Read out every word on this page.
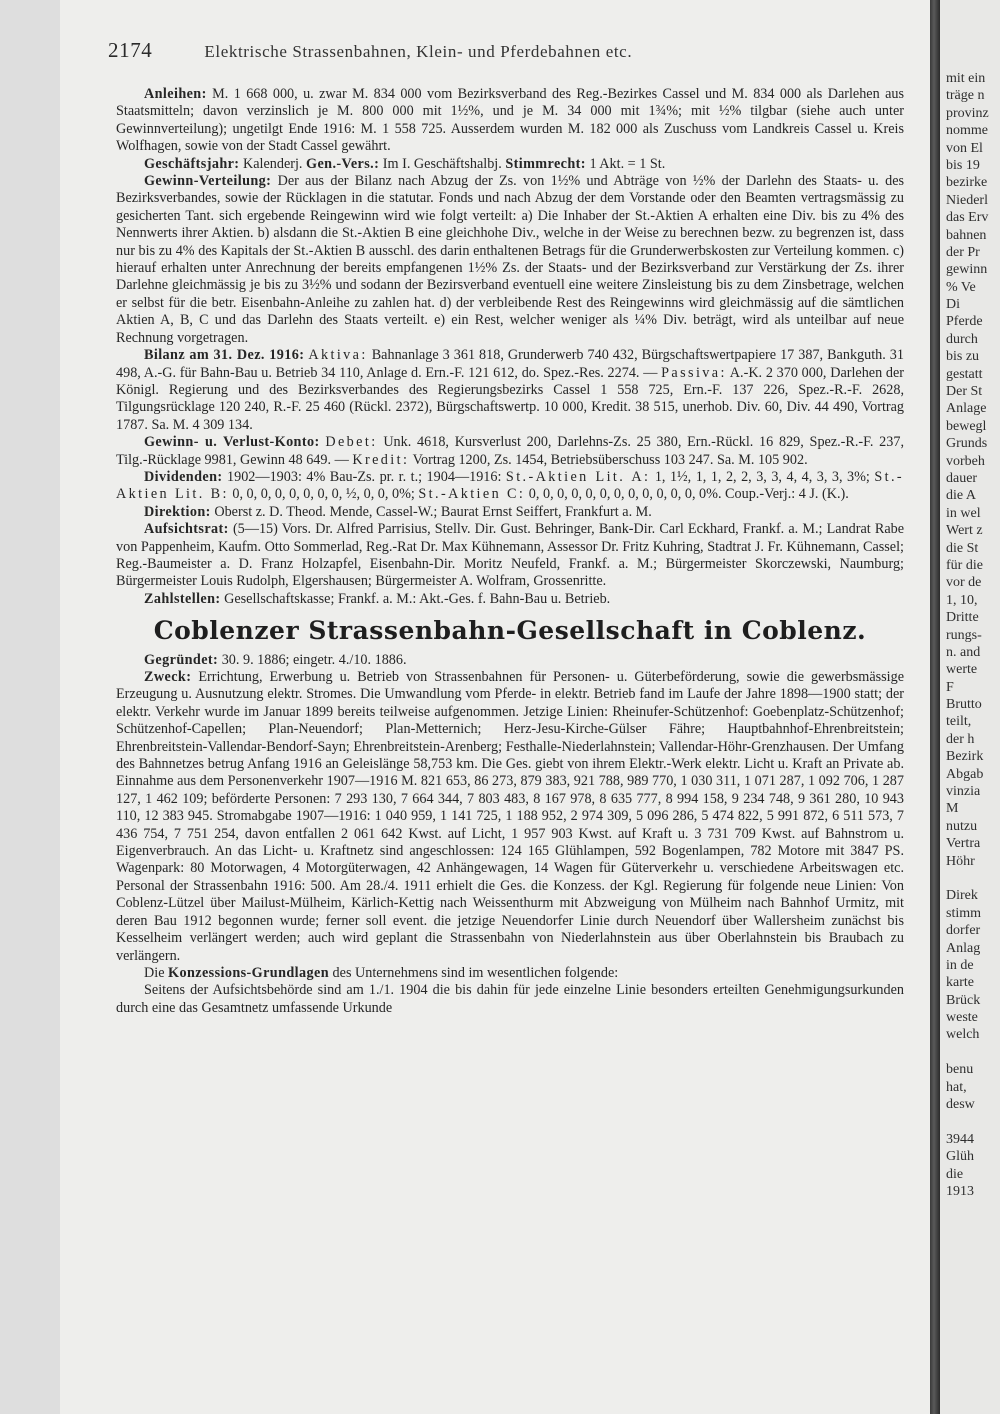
mit ein
träge n
provinz
nomme
von El
bis 19
bezirke
Niederl
das Erv
bahnen
der Pr
gewinn
% Ve
Di
Pferde
durch
bis zu
gestatt
Der St
Anlage
bewegl
Grunds
vorbeh
dauer
die A
in wel
Wert z
die St
für die
vor de
1, 10,
Dritte
rungs-
n. and
werte
F
Brutto
teilt,
der h
Bezirk
Abgab
vinzia
M
nutzu
Vertra
Höhr
Direk
stimm
dorfer
Anlag
in de
karte
Brück
weste
welch
benu
hat,
desw
3944
Glüh
die
1913
2174	Elektrische Strassenbahnen, Klein- und Pferdebahnen etc.

Anleihen: M. 1 668 000, u. zwar M. 834 000 vom Bezirksverband des Reg.-Bezirkes Cassel und M. 834 000 als Darlehen aus Staatsmitteln; davon verzinslich je M. 800 000 mit 1½%, und je M. 34 000 mit 1¾%; mit ½% tilgbar (siehe auch unter Gewinnverteilung); ungetilgt Ende 1916: M. 1 558 725. Ausserdem wurden M. 182 000 als Zuschuss vom Landkreis Cassel u. Kreis Wolfhagen, sowie von der Stadt Cassel gewährt.

Geschäftsjahr: Kalenderj. Gen.-Vers.: Im I. Geschäftshalbj. Stimmrecht: 1 Akt. = 1 St.

Gewinn-Verteilung: Der aus der Bilanz nach Abzug der Zs. von 1½% und Abträge von ½% der Darlehn des Staats- u. des Bezirksverbandes, sowie der Rücklagen in die statutar. Fonds und nach Abzug der dem Vorstande oder den Beamten vertragsmässig zu gesicherten Tant. sich ergebende Reingewinn wird wie folgt verteilt: a) Die Inhaber der St.-Aktien A erhalten eine Div. bis zu 4% des Nennwerts ihrer Aktien. b) alsdann die St.-Aktien B eine gleichhohe Div., welche in der Weise zu berechnen bezw. zu begrenzen ist, dass nur bis zu 4% des Kapitals der St.-Aktien B ausschl. des darin enthaltenen Betrags für die Grunderwerbskosten zur Verteilung kommen. c) hierauf erhalten unter Anrechnung der bereits empfangenen 1½% Zs. der Staats- und der Bezirksverband zur Verstärkung der Zs. ihrer Darlehne gleichmässig je bis zu 3½% und sodann der Bezirsverband eventuell eine weitere Zinsleistung bis zu dem Zinsbetrage, welchen er selbst für die betr. Eisenbahn-Anleihe zu zahlen hat. d) der verbleibende Rest des Reingewinns wird gleichmässig auf die sämtlichen Aktien A, B, C und das Darlehn des Staats verteilt. e) ein Rest, welcher weniger als ¼% Div. beträgt, wird als unteilbar auf neue Rechnung vorgetragen.

Bilanz am 31. Dez. 1916: Aktiva: Bahnanlage 3 361 818, Grunderwerb 740 432, Bürgschaftswertpapiere 17 387, Bankguth. 31 498, A.-G. für Bahn-Bau u. Betrieb 34 110, Anlage d. Ern.-F. 121 612, do. Spez.-Res. 2274. — Passiva: A.-K. 2 370 000, Darlehen der Königl. Regierung und des Bezirksverbandes des Regierungsbezirks Cassel 1 558 725, Ern.-F. 137 226, Spez.-R.-F. 2628, Tilgungsrücklage 120 240, R.-F. 25 460 (Rückl. 2372), Bürgschaftswertp. 10 000, Kredit. 38 515, unerhob. Div. 60, Div. 44 490, Vortrag 1787. Sa. M. 4 309 134.

Gewinn- u. Verlust-Konto: Debet: Unk. 4618, Kursverlust 200, Darlehns-Zs. 25 380, Ern.-Rückl. 16 829, Spez.-R.-F. 237, Tilg.-Rücklage 9981, Gewinn 48 649. — Kredit: Vortrag 1200, Zs. 1454, Betriebsüberschuss 103 247. Sa. M. 105 902.

Dividenden: 1902—1903: 4% Bau-Zs. pr. r. t.; 1904—1916: St.-Aktien Lit. A: 1, 1½, 1, 1, 2, 2, 3, 3, 4, 4, 3, 3, 3%; St.-Aktien Lit. B: 0, 0, 0, 0, 0, 0, 0, 0, ½, 0, 0, 0%; St.-Aktien C: 0, 0, 0, 0, 0, 0, 0, 0, 0, 0, 0, 0, 0%. Coup.-Verj.: 4 J. (K.).

Direktion: Oberst z. D. Theod. Mende, Cassel-W.; Baurat Ernst Seiffert, Frankfurt a. M.

Aufsichtsrat: (5—15) Vors. Dr. Alfred Parrisius, Stellv. Dir. Gust. Behringer, Bank-Dir. Carl Eckhard, Frankf. a. M.; Landrat Rabe von Pappenheim, Kaufm. Otto Sommerlad, Reg.-Rat Dr. Max Kühnemann, Assessor Dr. Fritz Kuhring, Stadtrat J. Fr. Kühnemann, Cassel; Reg.-Baumeister a. D. Franz Holzapfel, Eisenbahn-Dir. Moritz Neufeld, Frankf. a. M.; Bürgermeister Skorczewski, Naumburg; Bürgermeister Louis Rudolph, Elgershausen; Bürgermeister A. Wolfram, Grossenritte.

Zahlstellen: Gesellschaftskasse; Frankf. a. M.: Akt.-Ges. f. Bahn-Bau u. Betrieb.

Coblenzer Strassenbahn-Gesellschaft in Coblenz.

Gegründet: 30. 9. 1886; eingetr. 4./10. 1886.

Zweck: Errichtung, Erwerbung u. Betrieb von Strassenbahnen für Personen- u. Güterbeförderung, sowie die gewerbsmässige Erzeugung u. Ausnutzung elektr. Stromes. Die Umwandlung vom Pferde- in elektr. Betrieb fand im Laufe der Jahre 1898—1900 statt; der elektr. Verkehr wurde im Januar 1899 bereits teilweise aufgenommen. Jetzige Linien: Rheinufer-Schützenhof: Goebenplatz-Schützenhof; Schützenhof-Capellen; Plan-Neuendorf; Plan-Metternich; Herz-Jesu-Kirche-Gülser Fähre; Hauptbahnhof-Ehrenbreitstein; Ehrenbreitstein-Vallendar-Bendorf-Sayn; Ehrenbreitstein-Arenberg; Festhalle-Niederlahnstein; Vallendar-Höhr-Grenzhausen. Der Umfang des Bahnnetzes betrug Anfang 1916 an Geleislänge 58,753 km. Die Ges. giebt von ihrem Elektr.-Werk elektr. Licht u. Kraft an Private ab. Einnahme aus dem Personenverkehr 1907—1916 M. 821 653, 86 273, 879 383, 921 788, 989 770, 1 030 311, 1 071 287, 1 092 706, 1 287 127, 1 462 109; beförderte Personen: 7 293 130, 7 664 344, 7 803 483, 8 167 978, 8 635 777, 8 994 158, 9 234 748, 9 361 280, 10 943 110, 12 383 945. Stromabgabe 1907—1916: 1 040 959, 1 141 725, 1 188 952, 2 974 309, 5 096 286, 5 474 822, 5 991 872, 6 511 573, 7 436 754, 7 751 254, davon entfallen 2 061 642 Kwst. auf Licht, 1 957 903 Kwst. auf Kraft u. 3 731 709 Kwst. auf Bahnstrom u. Eigenverbrauch. An das Licht- u. Kraftnetz sind angeschlossen: 124 165 Glühlampen, 592 Bogenlampen, 782 Motore mit 3847 PS. Wagenpark: 80 Motorwagen, 4 Motorgüterwagen, 42 Anhängewagen, 14 Wagen für Güterverkehr u. verschiedene Arbeitswagen etc. Personal der Strassenbahn 1916: 500. Am 28./4. 1911 erhielt die Ges. die Konzess. der Kgl. Regierung für folgende neue Linien: Von Coblenz-Lützel über Mailust-Mülheim, Kärlich-Kettig nach Weissenthurm mit Abzweigung von Mülheim nach Bahnhof Urmitz, mit deren Bau 1912 begonnen wurde; ferner soll event. die jetzige Neuendorfer Linie durch Neuendorf über Wallersheim zunächst bis Kesselheim verlängert werden; auch wird geplant die Strassenbahn von Niederlahnstein aus über Oberlahnstein bis Braubach zu verlängern.

Die Konzessions-Grundlagen des Unternehmens sind im wesentlichen folgende:

Seitens der Aufsichtsbehörde sind am 1./1. 1904 die bis dahin für jede einzelne Linie besonders erteilten Genehmigungsurkunden durch eine das Gesamtnetz umfassende Urkunde
